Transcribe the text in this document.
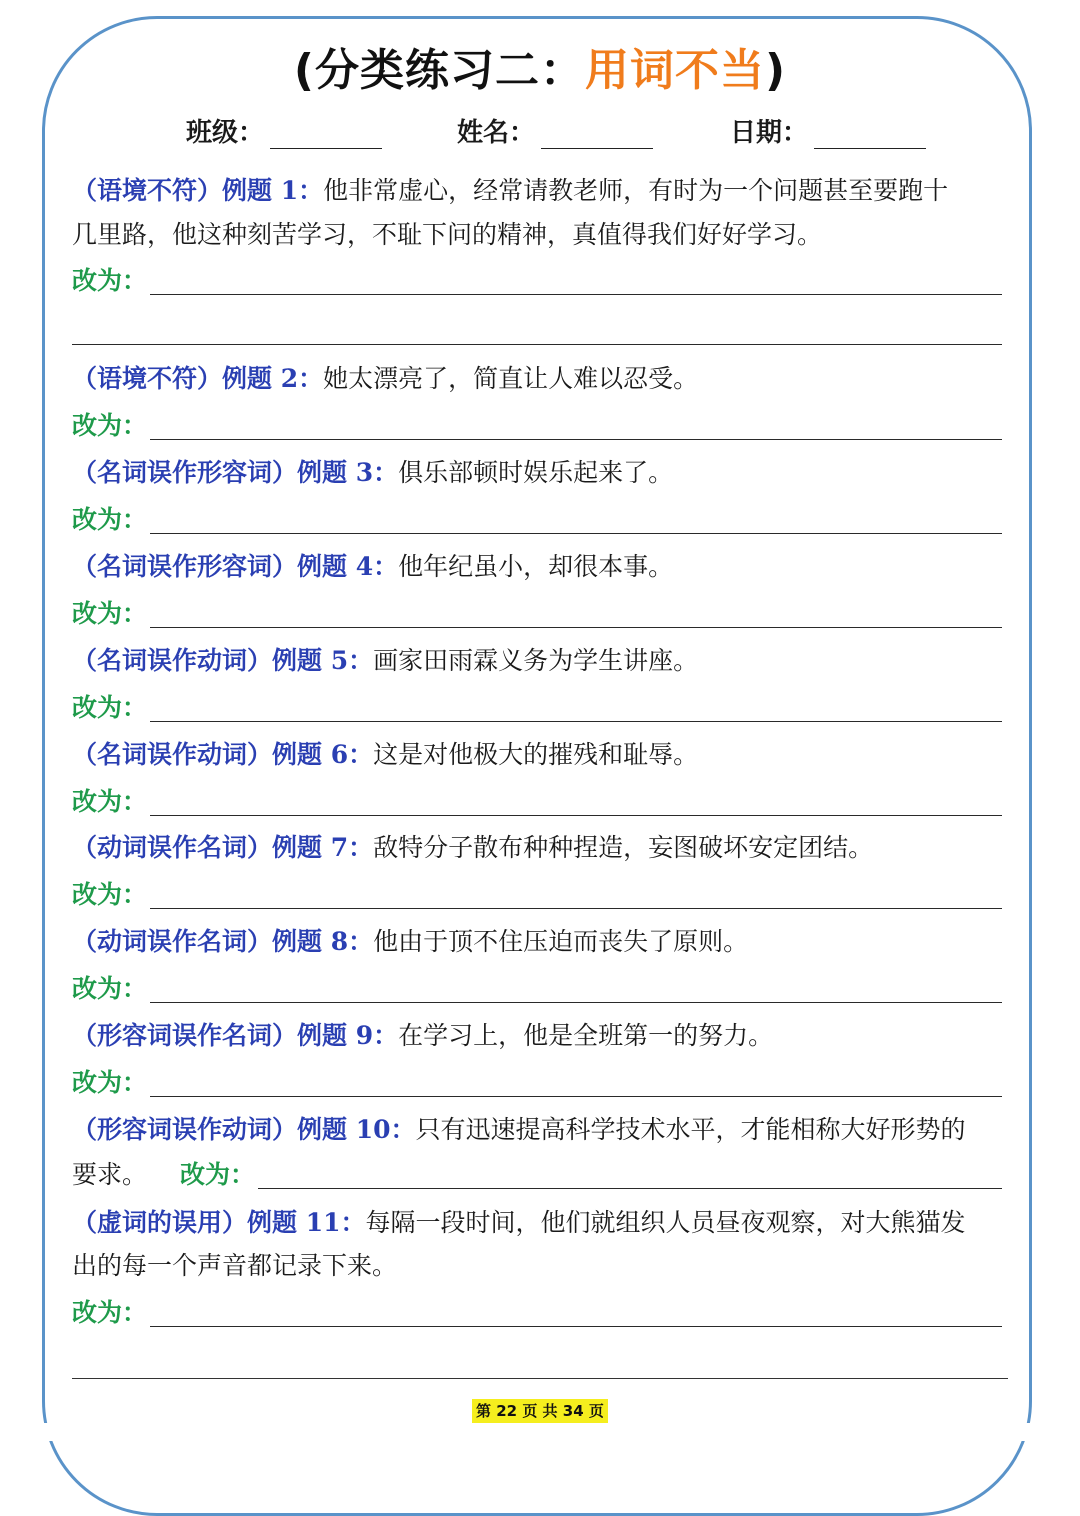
(分类练习二：用词不当)
班级：	姓名：	日期：
（语境不符）例题 1：他非常虚心，经常请教老师，有时为一个问题甚至要跑十
几里路，他这种刻苦学习，不耻下问的精神，真值得我们好好学习。
改为：
（语境不符）例题 2：她太漂亮了，简直让人难以忍受。
改为：
（名词误作形容词）例题 3：俱乐部顿时娱乐起来了。
改为：
（名词误作形容词）例题 4：他年纪虽小，却很本事。
改为：
（名词误作动词）例题 5：画家田雨霖义务为学生讲座。
改为：
（名词误作动词）例题 6：这是对他极大的摧残和耻辱。
改为：
（动词误作名词）例题 7：敌特分子散布种种捏造，妄图破坏安定团结。
改为：
（动词误作名词）例题 8：他由于顶不住压迫而丧失了原则。
改为：
（形容词误作名词）例题 9：在学习上，他是全班第一的努力。
改为：
（形容词误作动词）例题 10：只有迅速提高科学技术水平，才能相称大好形势的
要求。 改为：
（虚词的误用）例题 11：每隔一段时间，他们就组织人员昼夜观察，对大熊猫发
出的每一个声音都记录下来。
改为：
第 22 页 共 34 页
